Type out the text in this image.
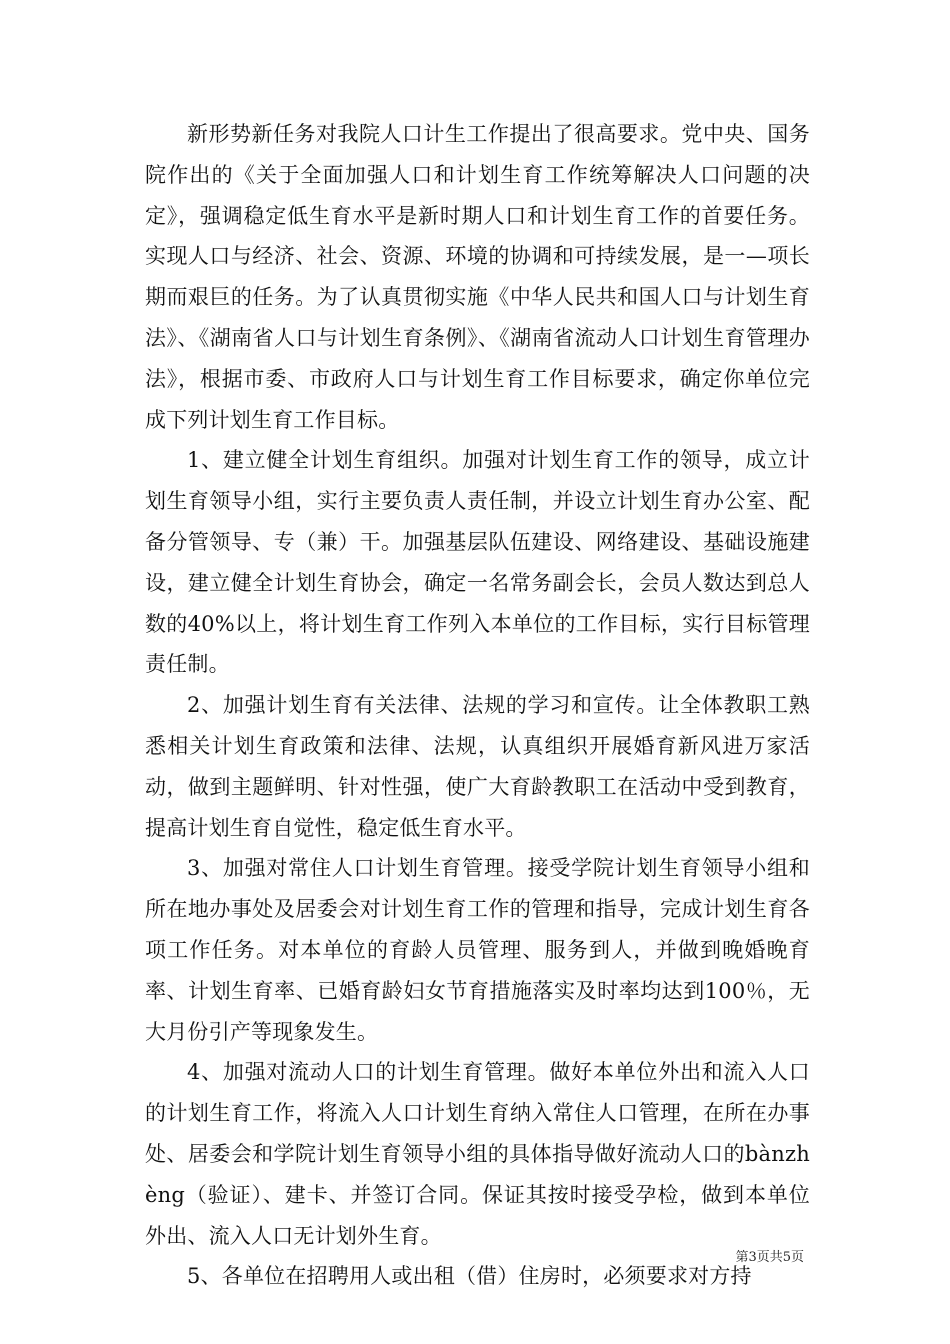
新形势新任务对我院人口计生工作提出了很高要求。党中央、国务院作出的《关于全面加强人口和计划生育工作统筹解决人口问题的决定》，强调稳定低生育水平是新时期人口和计划生育工作的首要任务。实现人口与经济、社会、资源、环境的协调和可持续发展，是一—项长期而艰巨的任务。为了认真贯彻实施《中华人民共和国人口与计划生育法》、《湖南省人口与计划生育条例》、《湖南省流动人口计划生育管理办法》，根据市委、市政府人口与计划生育工作目标要求，确定你单位完成下列计划生育工作目标。

1、建立健全计划生育组织。加强对计划生育工作的领导，成立计划生育领导小组，实行主要负责人责任制，并设立计划生育办公室、配备分管领导、专（兼）干。加强基层队伍建设、网络建设、基础设施建设，建立健全计划生育协会，确定一名常务副会长，会员人数达到总人数的40%以上，将计划生育工作列入本单位的工作目标，实行目标管理责任制。

2、加强计划生育有关法律、法规的学习和宣传。让全体教职工熟悉相关计划生育政策和法律、法规，认真组织开展婚育新风进万家活动，做到主题鲜明、针对性强，使广大育龄教职工在活动中受到教育，提高计划生育自觉性，稳定低生育水平。

3、加强对常住人口计划生育管理。接受学院计划生育领导小组和所在地办事处及居委会对计划生育工作的管理和指导，完成计划生育各项工作任务。对本单位的育龄人员管理、服务到人，并做到晚婚晚育率、计划生育率、已婚育龄妇女节育措施落实及时率均达到100％，无大月份引产等现象发生。

4、加强对流动人口的计划生育管理。做好本单位外出和流入人口的计划生育工作，将流入人口计划生育纳入常住人口管理，在所在办事处、居委会和学院计划生育领导小组的具体指导做好流动人口的bànzhèng（验证）、建卡、并签订合同。保证其按时接受孕检，做到本单位外出、流入人口无计划外生育。

5、各单位在招聘用人或出租（借）住房时，必须要求对方持

第3页共5页
